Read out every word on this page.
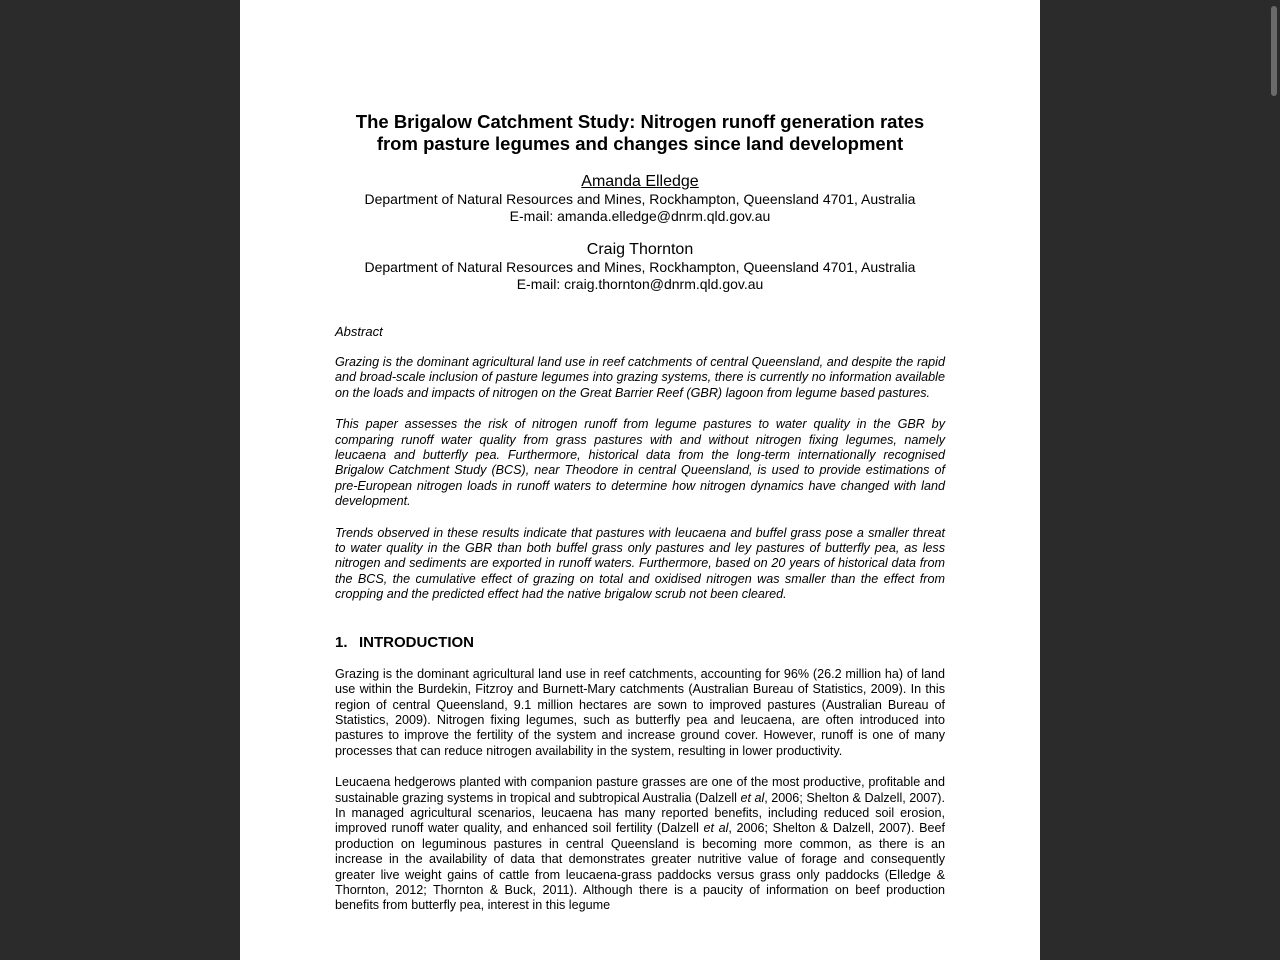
The Brigalow Catchment Study: Nitrogen runoff generation rates
from pasture legumes and changes since land development
Amanda Elledge
Department of Natural Resources and Mines, Rockhampton, Queensland 4701, Australia
E-mail: amanda.elledge@dnrm.qld.gov.au
Craig Thornton
Department of Natural Resources and Mines, Rockhampton, Queensland 4701, Australia
E-mail: craig.thornton@dnrm.qld.gov.au
Abstract

Grazing is the dominant agricultural land use in reef catchments of central Queensland, and despite the rapid and broad-scale inclusion of pasture legumes into grazing systems, there is currently no information available on the loads and impacts of nitrogen on the Great Barrier Reef (GBR) lagoon from legume based pastures.

This paper assesses the risk of nitrogen runoff from legume pastures to water quality in the GBR by comparing runoff water quality from grass pastures with and without nitrogen fixing legumes, namely leucaena and butterfly pea. Furthermore, historical data from the long-term internationally recognised Brigalow Catchment Study (BCS), near Theodore in central Queensland, is used to provide estimations of pre-European nitrogen loads in runoff waters to determine how nitrogen dynamics have changed with land development.

Trends observed in these results indicate that pastures with leucaena and buffel grass pose a smaller threat to water quality in the GBR than both buffel grass only pastures and ley pastures of butterfly pea, as less nitrogen and sediments are exported in runoff waters. Furthermore, based on 20 years of historical data from the BCS, the cumulative effect of grazing on total and oxidised nitrogen was smaller than the effect from cropping and the predicted effect had the native brigalow scrub not been cleared.

1. INTRODUCTION

Grazing is the dominant agricultural land use in reef catchments, accounting for 96% (26.2 million ha) of land use within the Burdekin, Fitzroy and Burnett-Mary catchments (Australian Bureau of Statistics, 2009). In this region of central Queensland, 9.1 million hectares are sown to improved pastures (Australian Bureau of Statistics, 2009). Nitrogen fixing legumes, such as butterfly pea and leucaena, are often introduced into pastures to improve the fertility of the system and increase ground cover. However, runoff is one of many processes that can reduce nitrogen availability in the system, resulting in lower productivity.

Leucaena hedgerows planted with companion pasture grasses are one of the most productive, profitable and sustainable grazing systems in tropical and subtropical Australia (Dalzell et al, 2006; Shelton & Dalzell, 2007). In managed agricultural scenarios, leucaena has many reported benefits, including reduced soil erosion, improved runoff water quality, and enhanced soil fertility (Dalzell et al, 2006; Shelton & Dalzell, 2007). Beef production on leguminous pastures in central Queensland is becoming more common, as there is an increase in the availability of data that demonstrates greater nutritive value of forage and consequently greater live weight gains of cattle from leucaena-grass paddocks versus grass only paddocks (Elledge & Thornton, 2012; Thornton & Buck, 2011). Although there is a paucity of information on beef production benefits from butterfly pea, interest in this legume
